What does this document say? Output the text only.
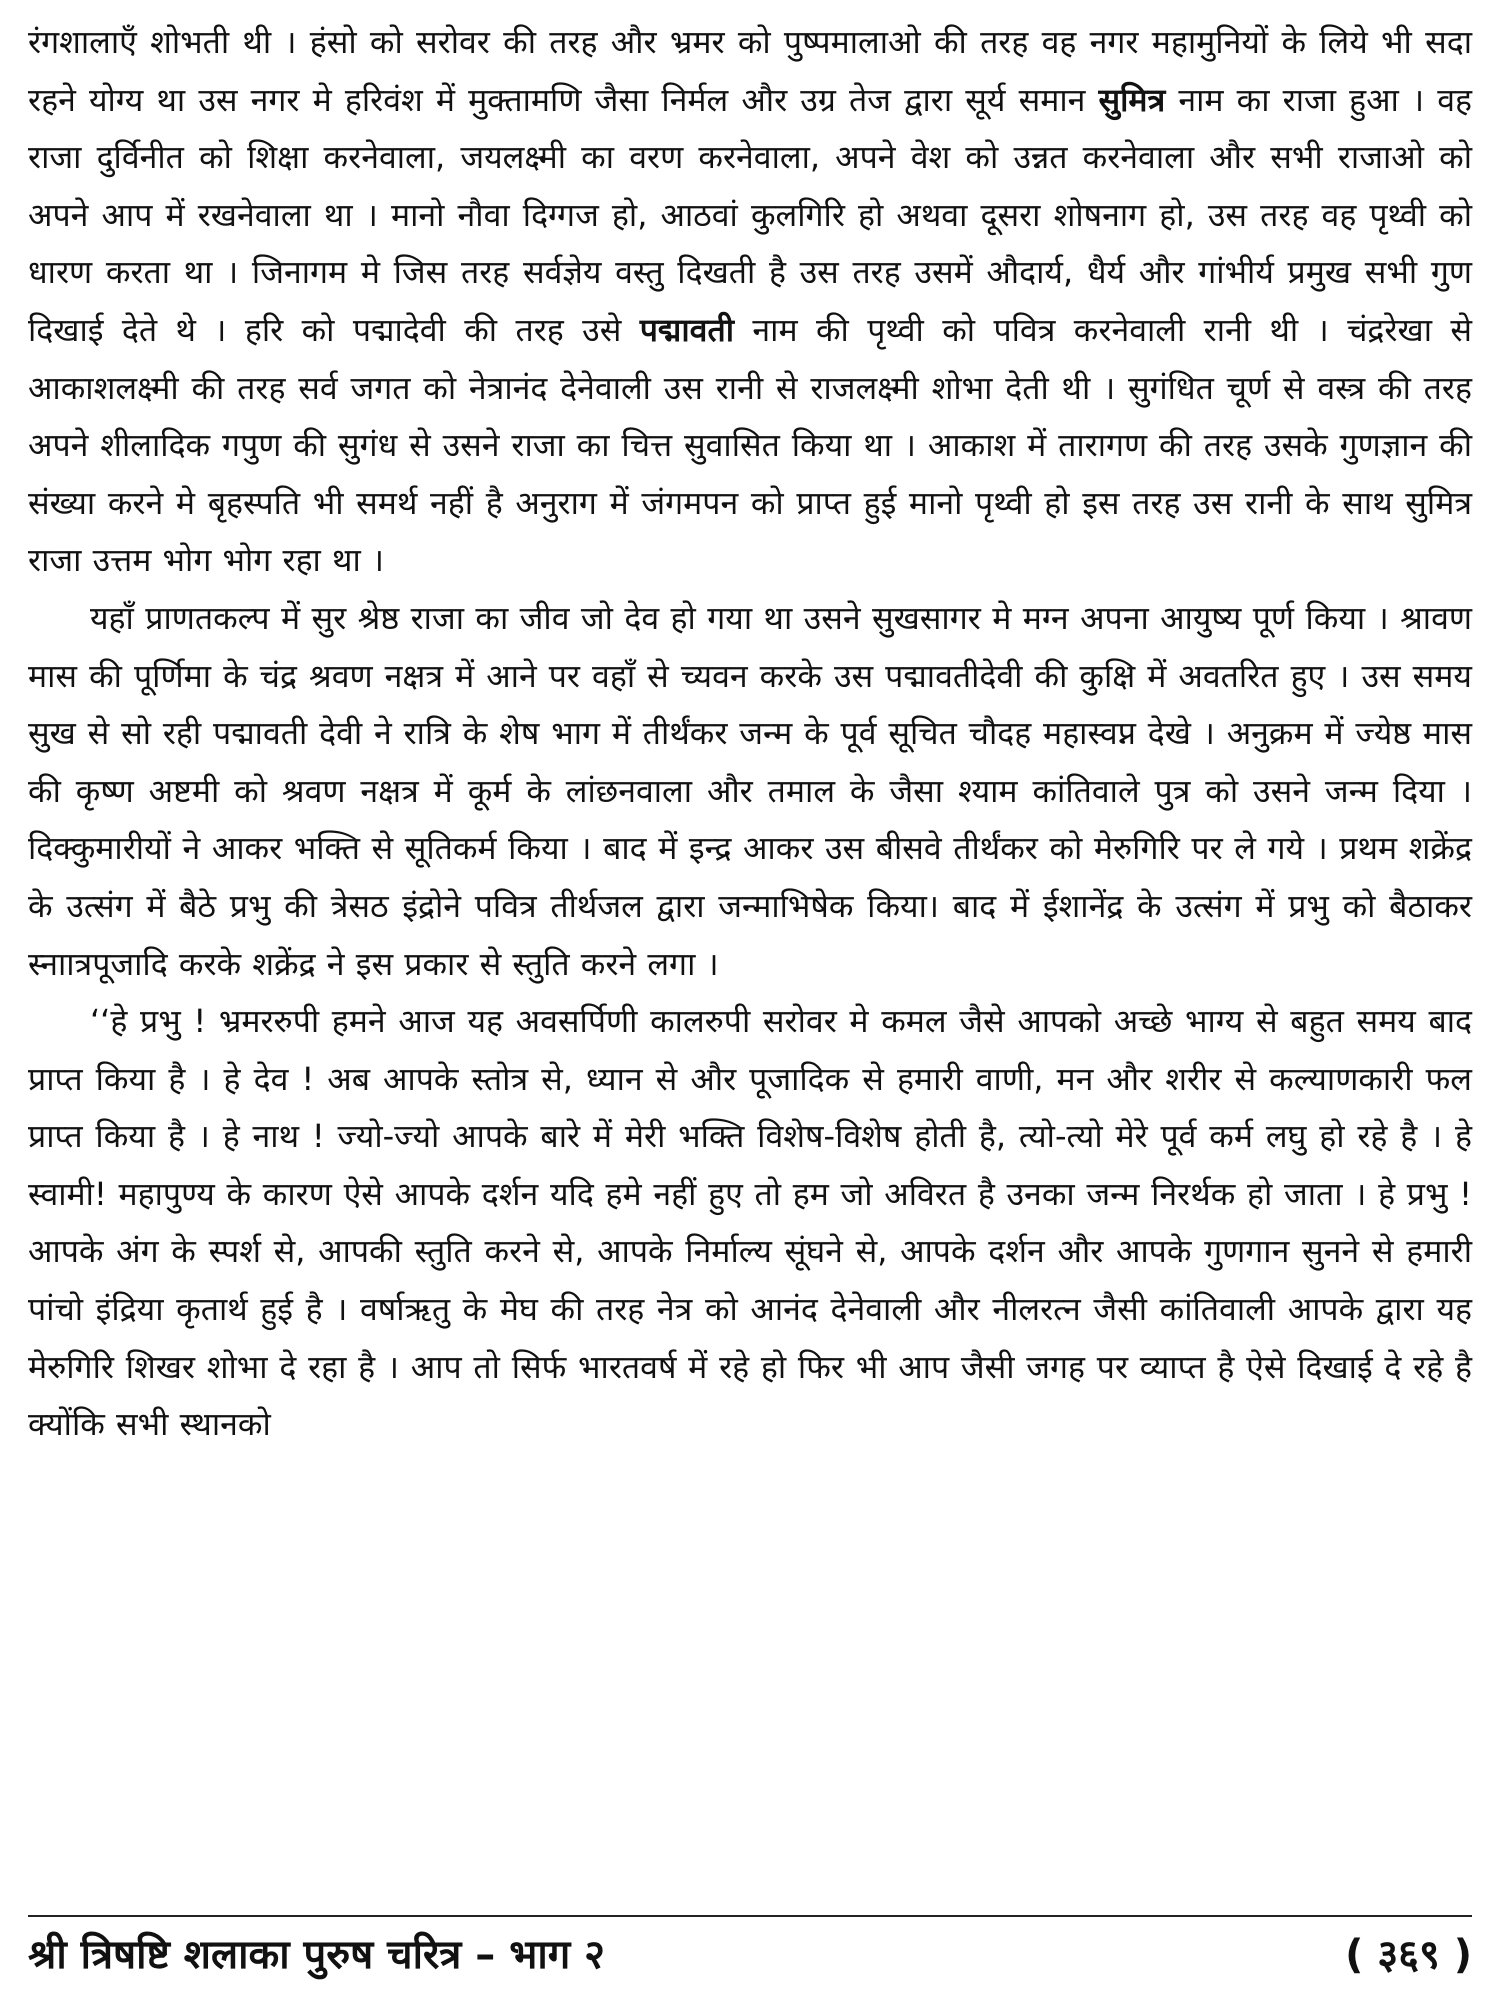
रंगशालाएँ शोभती थी । हंसो को सरोवर की तरह और भ्रमर को पुष्पमालाओ की तरह वह नगर महामुनियों के लिये भी सदा रहने योग्य था उस नगर मे हरिवंश में मुक्तामणि जैसा निर्मल और उग्र तेज द्वारा सूर्य समान सुमित्र नाम का राजा हुआ । वह राजा दुर्विनीत को शिक्षा करनेवाला, जयलक्ष्मी का वरण करनेवाला, अपने वेश को उन्नत करनेवाला और सभी राजाओ को अपने आप में रखनेवाला था । मानो नौवा दिग्गज हो, आठवां कुलगिरि हो अथवा दूसरा शोषनाग हो, उस तरह वह पृथ्वी को धारण करता था । जिनागम मे जिस तरह सर्वज्ञेय वस्तु दिखती है उस तरह उसमें औदार्य, धैर्य और गांभीर्य प्रमुख सभी गुण दिखाई देते थे । हरि को पद्मादेवी की तरह उसे पद्मावती नाम की पृथ्वी को पवित्र करनेवाली रानी थी । चंद्ररेखा से आकाशलक्ष्मी की तरह सर्व जगत को नेत्रानंद देनेवाली उस रानी से राजलक्ष्मी शोभा देती थी । सुगंधित चूर्ण से वस्त्र की तरह अपने शीलादिक गपुण की सुगंध से उसने राजा का चित्त सुवासित किया था । आकाश में तारागण की तरह उसके गुणज्ञान की संख्या करने मे बृहस्पति भी समर्थ नहीं है अनुराग में जंगमपन को प्राप्त हुई मानो पृथ्वी हो इस तरह उस रानी के साथ सुमित्र राजा उत्तम भोग भोग रहा था ।

यहाँ प्राणतकल्प में सुर श्रेष्ठ राजा का जीव जो देव हो गया था उसने सुखसागर मे मग्न अपना आयुष्य पूर्ण किया । श्रावण मास की पूर्णिमा के चंद्र श्रवण नक्षत्र में आने पर वहाँ से च्यवन करके उस पद्मावतीदेवी की कुक्षि में अवतरित हुए । उस समय सुख से सो रही पद्मावती देवी ने रात्रि के शेष भाग में तीर्थंकर जन्म के पूर्व सूचित चौदह महास्वप्न देखे । अनुक्रम में ज्येष्ठ मास की कृष्ण अष्टमी को श्रवण नक्षत्र में कूर्म के लांछनवाला और तमाल के जैसा श्याम कांतिवाले पुत्र को उसने जन्म दिया । दिक्कुमारीयों ने आकर भक्ति से सूतिकर्म किया । बाद में इन्द्र आकर उस बीसवे तीर्थंकर को मेरुगिरि पर ले गये । प्रथम शक्रेंद्र के उत्संग में बैठे प्रभु की त्रेसठ इंद्रोने पवित्र तीर्थजल द्वारा जन्माभिषेक किया। बाद में ईशानेंद्र के उत्संग में प्रभु को बैठाकर स्नाात्रपूजादि करके शक्रेंद्र ने इस प्रकार से स्तुति करने लगा ।

‘‘हे प्रभु ! भ्रमररुपी हमने आज यह अवसर्पिणी कालरुपी सरोवर मे कमल जैसे आपको अच्छे भाग्य से बहुत समय बाद प्राप्त किया है । हे देव ! अब आपके स्तोत्र से, ध्यान से और पूजादिक से हमारी वाणी, मन और शरीर से कल्याणकारी फल प्राप्त किया है । हे नाथ ! ज्यो-ज्यो आपके बारे में मेरी भक्ति विशेष-विशेष होती है, त्यो-त्यो मेरे पूर्व कर्म लघु हो रहे है । हे स्वामी! महापुण्य के कारण ऐसे आपके दर्शन यदि हमे नहीं हुए तो हम जो अविरत है उनका जन्म निरर्थक हो जाता । हे प्रभु ! आपके अंग के स्पर्श से, आपकी स्तुति करने से, आपके निर्माल्य सूंघने से, आपके दर्शन और आपके गुणगान सुनने से हमारी पांचो इंद्रिया कृतार्थ हुई है । वर्षाऋतु के मेघ की तरह नेत्र को आनंद देनेवाली और नीलरत्न जैसी कांतिवाली आपके द्वारा यह मेरुगिरि शिखर शोभा दे रहा है । आप तो सिर्फ भारतवर्ष में रहे हो फिर भी आप जैसी जगह पर व्याप्त है ऐसे दिखाई दे रहे है क्योंकि सभी स्थानको

श्री त्रिषष्टि शलाका पुरुष चरित्र – भाग २	( ३६९ )
